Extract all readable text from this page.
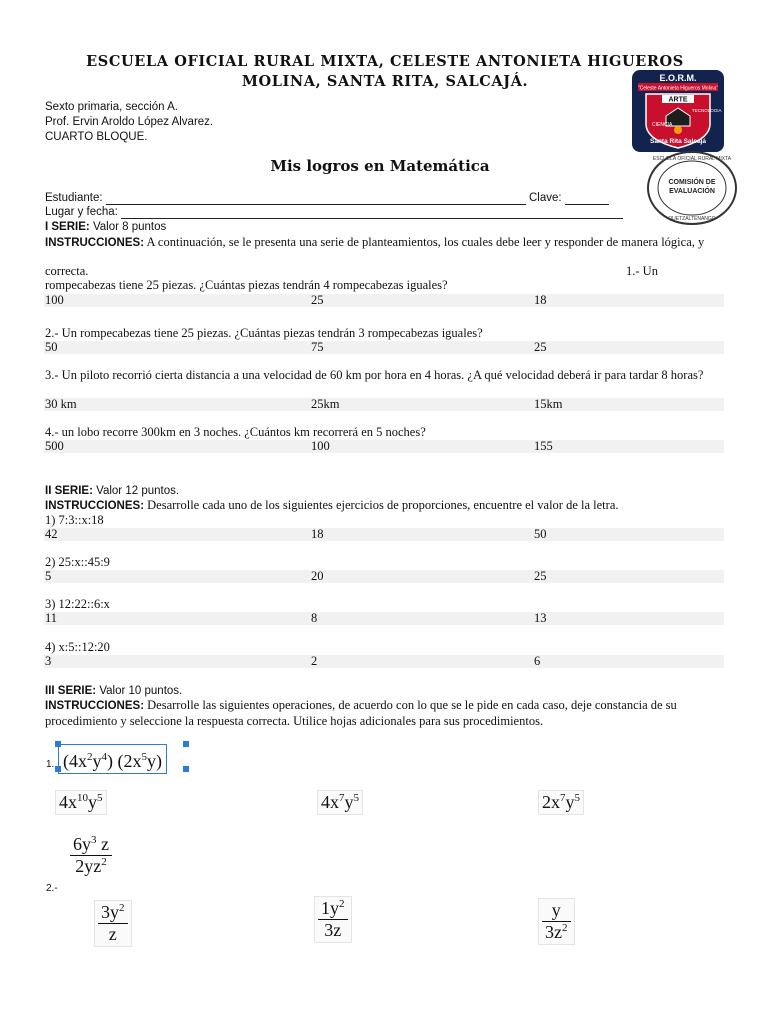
ESCUELA OFICIAL RURAL MIXTA, CELESTE ANTONIETA HIGUEROS
MOLINA, SANTA RITA, SALCAJÁ.
Sexto primaria, sección A.
Prof. Ervin Aroldo López Alvarez.
CUARTO BLOQUE.
E.O.R.M.
"Celeste Antonieta Higueros Molina"
ARTE
CIENCIA
TECNOLOGIA
Santa Rita Salcajá
ESCUELA OFICIAL RURAL MIXTA
COMISIÓN DE
EVALUACIÓN
QUETZALTENANGO
Mis logros en Matemática
Estudiante:	Clave:
Lugar y fecha:
I SERIE: Valor 8 puntos
INSTRUCCIONES: A continuación, se le presenta una serie de planteamientos, los cuales debe leer y responder de manera lógica, y
correcta.	1.- Un
rompecabezas tiene 25 piezas. ¿Cuántas piezas tendrán 4 rompecabezas iguales?
100	25	18
2.- Un rompecabezas tiene 25 piezas. ¿Cuántas piezas tendrán 3 rompecabezas iguales?
50	75	25
3.- Un piloto recorrió cierta distancia a una velocidad de 60 km por hora en 4 horas. ¿A qué velocidad deberá ir para tardar 8 horas?
30 km	25km	15km
4.- un lobo recorre 300km en 3 noches. ¿Cuántos km recorrerá en 5 noches?
500	100	155
II SERIE: Valor 12 puntos.
INSTRUCCIONES: Desarrolle cada uno de los siguientes ejercicios de proporciones, encuentre el valor de la letra.
1) 7:3::x:18
42	18	50
2) 25:x::45:9
5	20	25
3) 12:22::6:x
11	8	13
4) x:5::12:20
3	2	6
III SERIE: Valor 10 puntos.
INSTRUCCIONES: Desarrolle las siguientes operaciones, de acuerdo con lo que se le pide en cada caso, deje constancia de su procedimiento y seleccione la respuesta correcta. Utilice hojas adicionales para sus procedimientos.
1. $(4x^2y^4)$ $(2x^5y)$
$4x^{10}y^5$	$4x^7y^5$	$2x^7y^5$
$\frac{6y^3 z}{2yz^2}$
2.-
$\frac{3y^2}{z}$	$\frac{1y^2}{3z}$	$\frac{y}{3z^2}$
